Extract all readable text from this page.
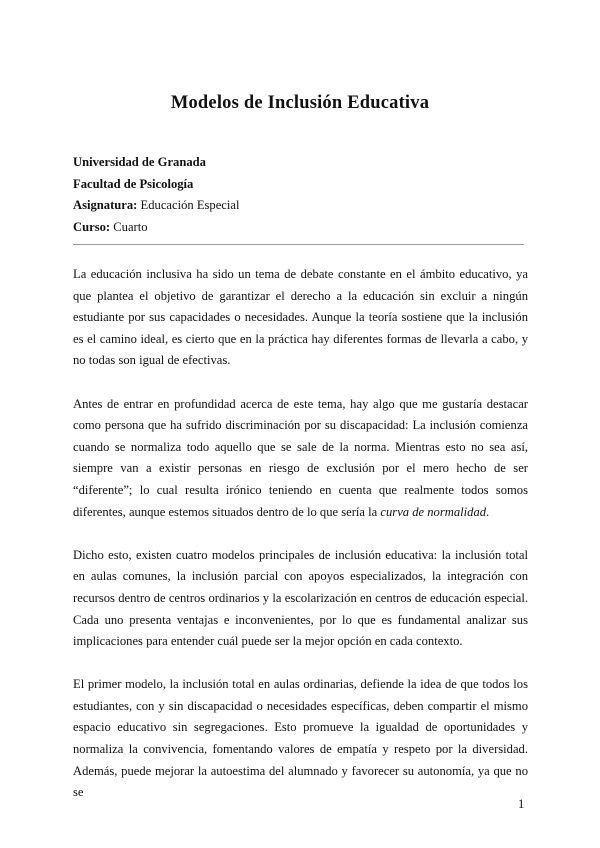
Modelos de Inclusión Educativa
Universidad de Granada
Facultad de Psicología
Asignatura: Educación Especial
Curso: Cuarto

La educación inclusiva ha sido un tema de debate constante en el ámbito educativo, ya que plantea el objetivo de garantizar el derecho a la educación sin excluir a ningún estudiante por sus capacidades o necesidades. Aunque la teoría sostiene que la inclusión es el camino ideal, es cierto que en la práctica hay diferentes formas de llevarla a cabo, y no todas son igual de efectivas.

Antes de entrar en profundidad acerca de este tema, hay algo que me gustaría destacar como persona que ha sufrido discriminación por su discapacidad: La inclusión comienza cuando se normaliza todo aquello que se sale de la norma. Mientras esto no sea así, siempre van a existir personas en riesgo de exclusión por el mero hecho de ser “diferente”; lo cual resulta irónico teniendo en cuenta que realmente todos somos diferentes, aunque estemos situados dentro de lo que sería la curva de normalidad.

Dicho esto, existen cuatro modelos principales de inclusión educativa: la inclusión total en aulas comunes, la inclusión parcial con apoyos especializados, la integración con recursos dentro de centros ordinarios y la escolarización en centros de educación especial. Cada uno presenta ventajas e inconvenientes, por lo que es fundamental analizar sus implicaciones para entender cuál puede ser la mejor opción en cada contexto.

El primer modelo, la inclusión total en aulas ordinarias, defiende la idea de que todos los estudiantes, con y sin discapacidad o necesidades específicas, deben compartir el mismo espacio educativo sin segregaciones. Esto promueve la igualdad de oportunidades y normaliza la convivencia, fomentando valores de empatía y respeto por la diversidad. Además, puede mejorar la autoestima del alumnado y favorecer su autonomía, ya que no se

1
